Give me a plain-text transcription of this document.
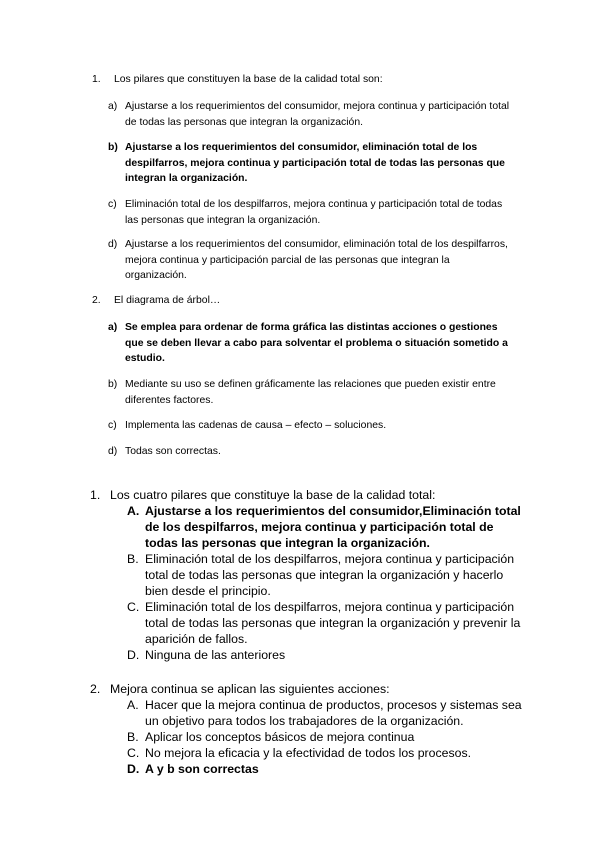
1. Los pilares que constituyen la base de la calidad total son:
a) Ajustarse a los requerimientos del consumidor, mejora continua y participación total de todas las personas que integran la organización.
b) Ajustarse a los requerimientos del consumidor, eliminación total de los despilfarros, mejora continua y participación total de todas las personas que integran la organización.
c) Eliminación total de los despilfarros, mejora continua y participación total de todas las personas que integran la organización.
d) Ajustarse a los requerimientos del consumidor, eliminación total de los despilfarros, mejora continua y participación parcial de las personas que integran la organización.
2. El diagrama de árbol…
a) Se emplea para ordenar de forma gráfica las distintas acciones o gestiones que se deben llevar a cabo para solventar el problema o situación sometido a estudio.
b) Mediante su uso se definen gráficamente las relaciones que pueden existir entre diferentes factores.
c) Implementa las cadenas de causa – efecto – soluciones.
d) Todas son correctas.
1. Los cuatro pilares que constituye la base de la calidad total:
A. Ajustarse a los requerimientos del consumidor,Eliminación total de los despilfarros, mejora continua y participación total de todas las personas que integran la organización.
B. Eliminación total de los despilfarros, mejora continua y participación total de todas las personas que integran la organización y hacerlo bien desde el principio.
C. Eliminación total de los despilfarros, mejora continua y participación total de todas las personas que integran la organización y prevenir la aparición de fallos.
D. Ninguna de las anteriores
2. Mejora continua se aplican las siguientes acciones:
A. Hacer que la mejora continua de productos, procesos y sistemas sea un objetivo para todos los trabajadores de la organización.
B. Aplicar los conceptos básicos de mejora continua
C. No mejora la eficacia y la efectividad de todos los procesos.
D. A y b son correctas
